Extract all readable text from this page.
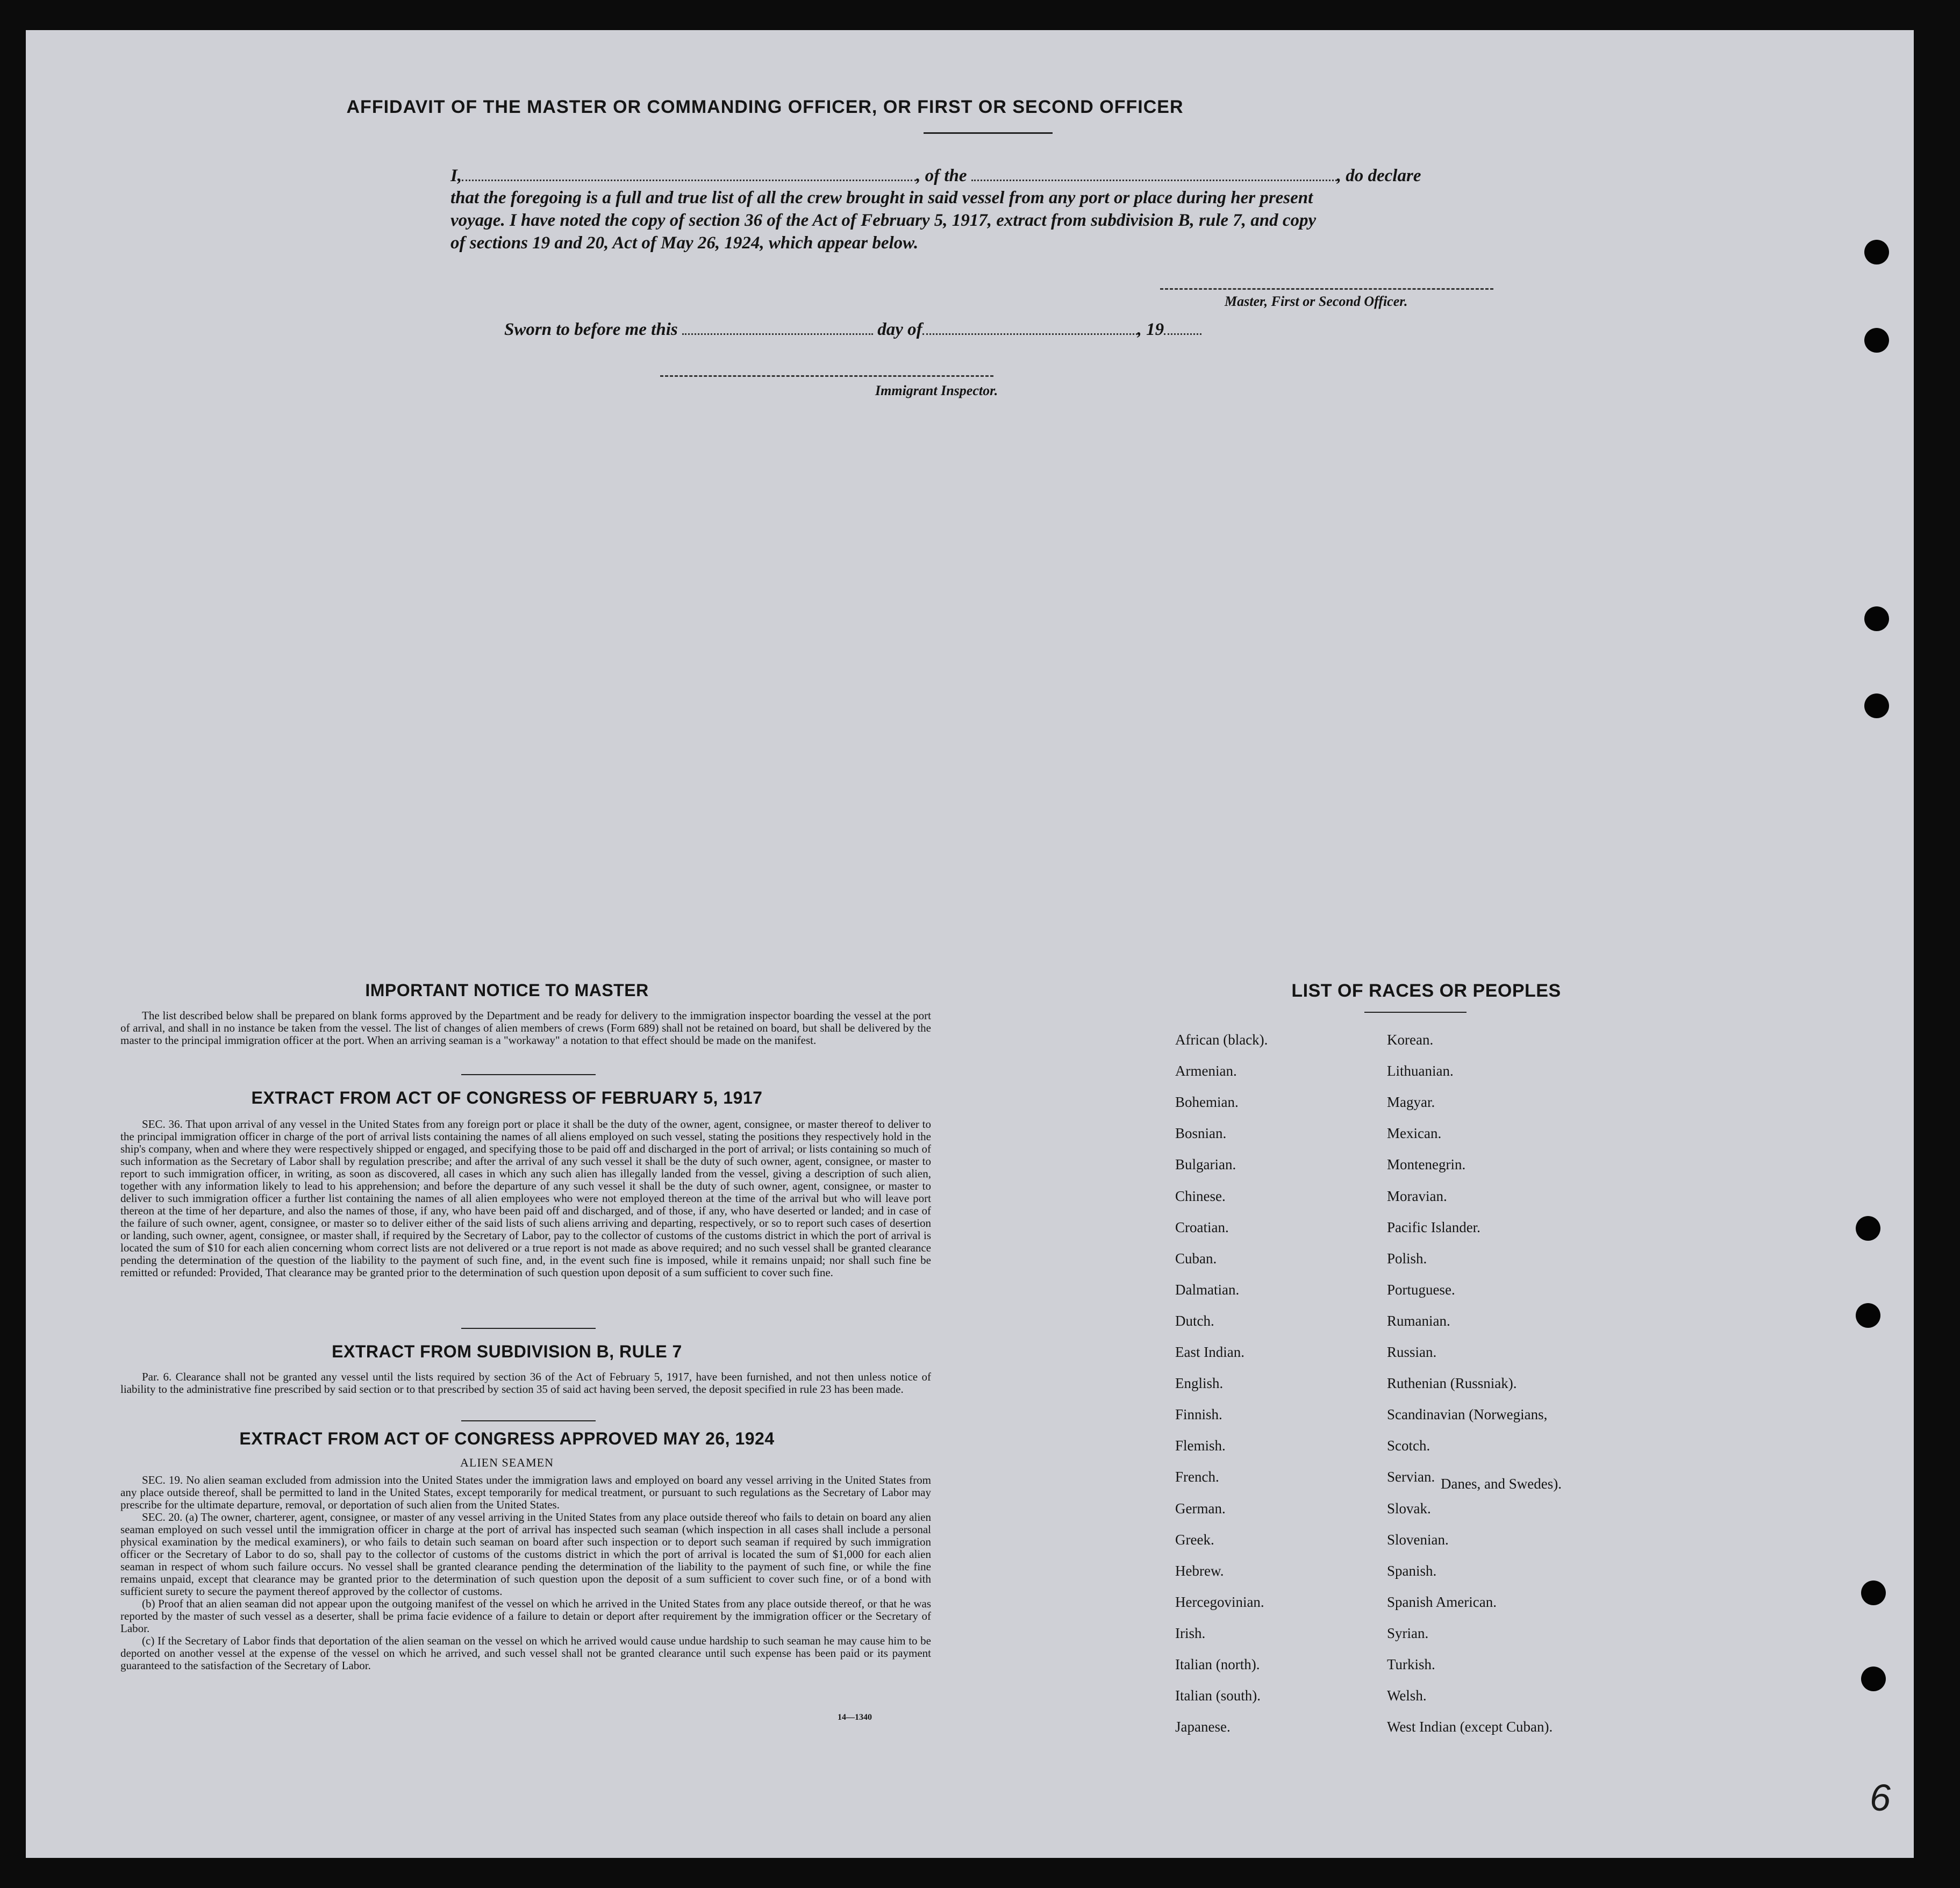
AFFIDAVIT OF THE MASTER OR COMMANDING OFFICER, OR FIRST OR SECOND OFFICER
I,	, of the	, do declare
that the foregoing is a full and true list of all the crew brought in said vessel from any port or place during her present
voyage. I have noted the copy of section 36 of the Act of February 5, 1917, extract from subdivision B, rule 7, and copy
of sections 19 and 20, Act of May 26, 1924, which appear below.
Master, First or Second Officer.
Sworn to before me this	day of	, 19
Immigrant Inspector.
IMPORTANT NOTICE TO MASTER
The list described below shall be prepared on blank forms approved by the Department and be ready for delivery to the immigration inspector boarding the vessel at the port of arrival, and shall in no instance be taken from the vessel. The list of changes of alien members of crews (Form 689) shall not be retained on board, but shall be delivered by the master to the principal immigration officer at the port. When an arriving seaman is a "workaway" a notation to that effect should be made on the manifest.
EXTRACT FROM ACT OF CONGRESS OF FEBRUARY 5, 1917
SEC. 36. That upon arrival of any vessel in the United States from any foreign port or place it shall be the duty of the owner, agent, consignee, or master thereof to deliver to the principal immigration officer in charge of the port of arrival lists containing the names of all aliens employed on such vessel, stating the positions they respectively hold in the ship's company, when and where they were respectively shipped or engaged, and specifying those to be paid off and discharged in the port of arrival; or lists containing so much of such information as the Secretary of Labor shall by regulation prescribe; and after the arrival of any such vessel it shall be the duty of such owner, agent, consignee, or master to report to such immigration officer, in writing, as soon as discovered, all cases in which any such alien has illegally landed from the vessel, giving a description of such alien, together with any information likely to lead to his apprehension; and before the departure of any such vessel it shall be the duty of such owner, agent, consignee, or master to deliver to such immigration officer a further list containing the names of all alien employees who were not employed thereon at the time of the arrival but who will leave port thereon at the time of her departure, and also the names of those, if any, who have been paid off and discharged, and of those, if any, who have deserted or landed; and in case of the failure of such owner, agent, consignee, or master so to deliver either of the said lists of such aliens arriving and departing, respectively, or so to report such cases of desertion or landing, such owner, agent, consignee, or master shall, if required by the Secretary of Labor, pay to the collector of customs of the customs district in which the port of arrival is located the sum of $10 for each alien concerning whom correct lists are not delivered or a true report is not made as above required; and no such vessel shall be granted clearance pending the determination of the question of the liability to the payment of such fine, and, in the event such fine is imposed, while it remains unpaid; nor shall such fine be remitted or refunded: Provided, That clearance may be granted prior to the determination of such question upon deposit of a sum sufficient to cover such fine.
EXTRACT FROM SUBDIVISION B, RULE 7
Par. 6. Clearance shall not be granted any vessel until the lists required by section 36 of the Act of February 5, 1917, have been furnished, and not then unless notice of liability to the administrative fine prescribed by said section or to that prescribed by section 35 of said act having been served, the deposit specified in rule 23 has been made.
EXTRACT FROM ACT OF CONGRESS APPROVED MAY 26, 1924
ALIEN SEAMEN

SEC. 19. No alien seaman excluded from admission into the United States under the immigration laws and employed on board any vessel arriving in the United States from any place outside thereof, shall be permitted to land in the United States, except temporarily for medical treatment, or pursuant to such regulations as the Secretary of Labor may prescribe for the ultimate departure, removal, or deportation of such alien from the United States.

SEC. 20. (a) The owner, charterer, agent, consignee, or master of any vessel arriving in the United States from any place outside thereof who fails to detain on board any alien seaman employed on such vessel until the immigration officer in charge at the port of arrival has inspected such seaman (which inspection in all cases shall include a personal physical examination by the medical examiners), or who fails to detain such seaman on board after such inspection or to deport such seaman if required by such immigration officer or the Secretary of Labor to do so, shall pay to the collector of customs of the customs district in which the port of arrival is located the sum of $1,000 for each alien seaman in respect of whom such failure occurs. No vessel shall be granted clearance pending the determination of the liability to the payment of such fine, or while the fine remains unpaid, except that clearance may be granted prior to the determination of such question upon the deposit of a sum sufficient to cover such fine, or of a bond with sufficient surety to secure the payment thereof approved by the collector of customs.

(b) Proof that an alien seaman did not appear upon the outgoing manifest of the vessel on which he arrived in the United States from any place outside thereof, or that he was reported by the master of such vessel as a deserter, shall be prima facie evidence of a failure to detain or deport after requirement by the immigration officer or the Secretary of Labor.

(c) If the Secretary of Labor finds that deportation of the alien seaman on the vessel on which he arrived would cause undue hardship to such seaman he may cause him to be deported on another vessel at the expense of the vessel on which he arrived, and such vessel shall not be granted clearance until such expense has been paid or its payment guaranteed to the satisfaction of the Secretary of Labor.

14—1340
LIST OF RACES OR PEOPLES
African (black).
Armenian.
Bohemian.
Bosnian.
Bulgarian.
Chinese.
Croatian.
Cuban.
Dalmatian.
Dutch.
East Indian.
English.
Finnish.
Flemish.
French.
German.
Greek.
Hebrew.
Hercegovinian.
Irish.
Italian (north).
Italian (south).
Japanese.
Korean.
Lithuanian.
Magyar.
Mexican.
Montenegrin.
Moravian.
Pacific Islander.
Polish.
Portuguese.
Rumanian.
Russian.
Ruthenian (Russniak).
Scandinavian (Norwegians,
Scotch.
Servian.
Slovak.
Slovenian.
Spanish.
Spanish American.
Syrian.
Turkish.
Welsh.
West Indian (except Cuban).
Danes, and Swedes).
6
